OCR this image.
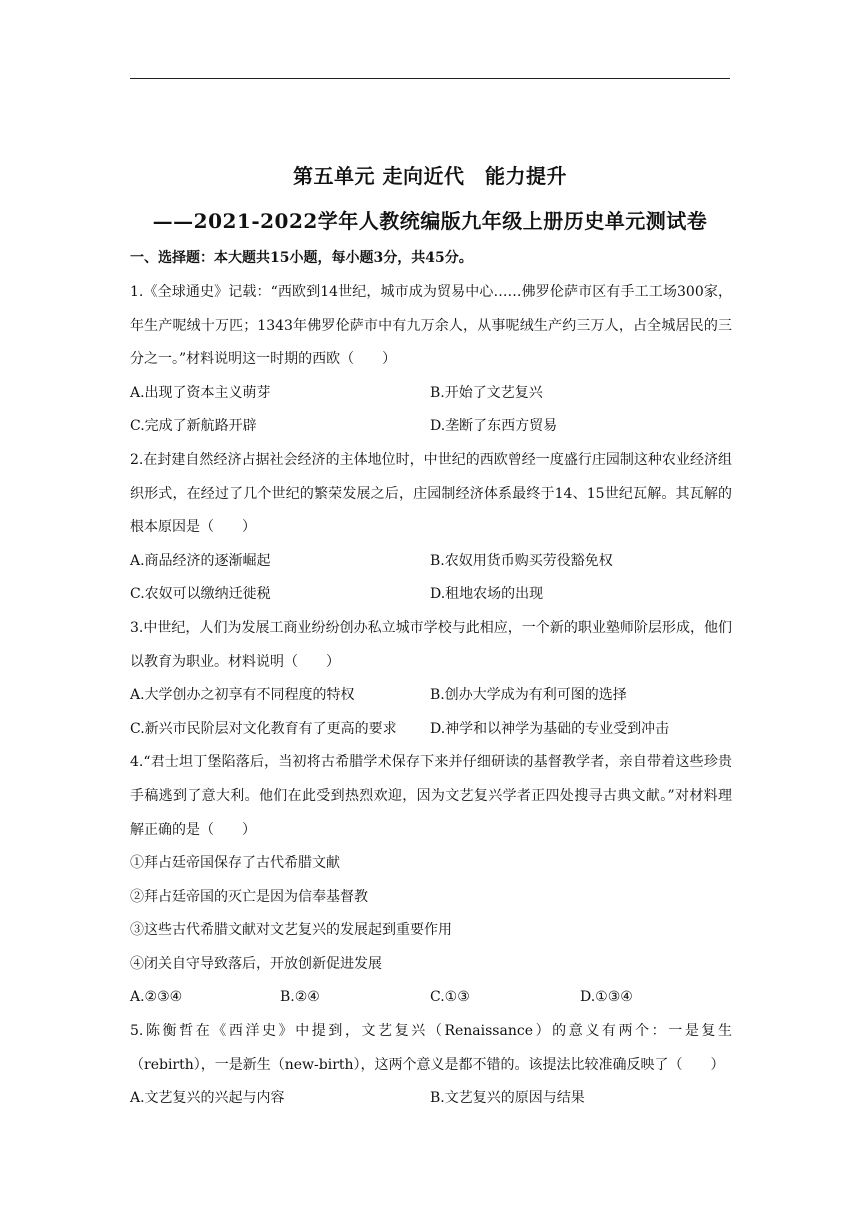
第五单元 走向近代　能力提升
——2021-2022学年人教统编版九年级上册历史单元测试卷
一、选择题：本大题共15小题，每小题3分，共45分。

1.《全球通史》记载：“西欧到14世纪，城市成为贸易中心……佛罗伦萨市区有手工工场300家，年生产呢绒十万匹；1343年佛罗伦萨市中有九万余人，从事呢绒生产约三万人，占全城居民的三分之一。”材料说明这一时期的西欧（　　）

A.出现了资本主义萌芽	B.开始了文艺复兴
C.完成了新航路开辟	D.垄断了东西方贸易

2.在封建自然经济占据社会经济的主体地位时，中世纪的西欧曾经一度盛行庄园制这种农业经济组织形式，在经过了几个世纪的繁荣发展之后，庄园制经济体系最终于14、15世纪瓦解。其瓦解的根本原因是（　　）

A.商品经济的逐渐崛起	B.农奴用货币购买劳役豁免权
C.农奴可以缴纳迁徙税	D.租地农场的出现

3.中世纪，人们为发展工商业纷纷创办私立城市学校与此相应，一个新的职业塾师阶层形成，他们以教育为职业。材料说明（　　）

A.大学创办之初享有不同程度的特权	B.创办大学成为有利可图的选择
C.新兴市民阶层对文化教育有了更高的要求	D.神学和以神学为基础的专业受到冲击

4.“君士坦丁堡陷落后，当初将古希腊学术保存下来并仔细研读的基督教学者，亲自带着这些珍贵手稿逃到了意大利。他们在此受到热烈欢迎，因为文艺复兴学者正四处搜寻古典文献。”对材料理解正确的是（　　）

①拜占廷帝国保存了古代希腊文献

②拜占廷帝国的灭亡是因为信奉基督教

③这些古代希腊文献对文艺复兴的发展起到重要作用

④闭关自守导致落后，开放创新促进发展

A.②③④	B.②④	C.①③	D.①③④

5.陈衡哲在《西洋史》中提到，文艺复兴（Renaissance）的意义有两个：一是复生（rebirth），一是新生（new-birth），这两个意义是都不错的。该提法比较准确反映了（　　）

A.文艺复兴的兴起与内容	B.文艺复兴的原因与结果
